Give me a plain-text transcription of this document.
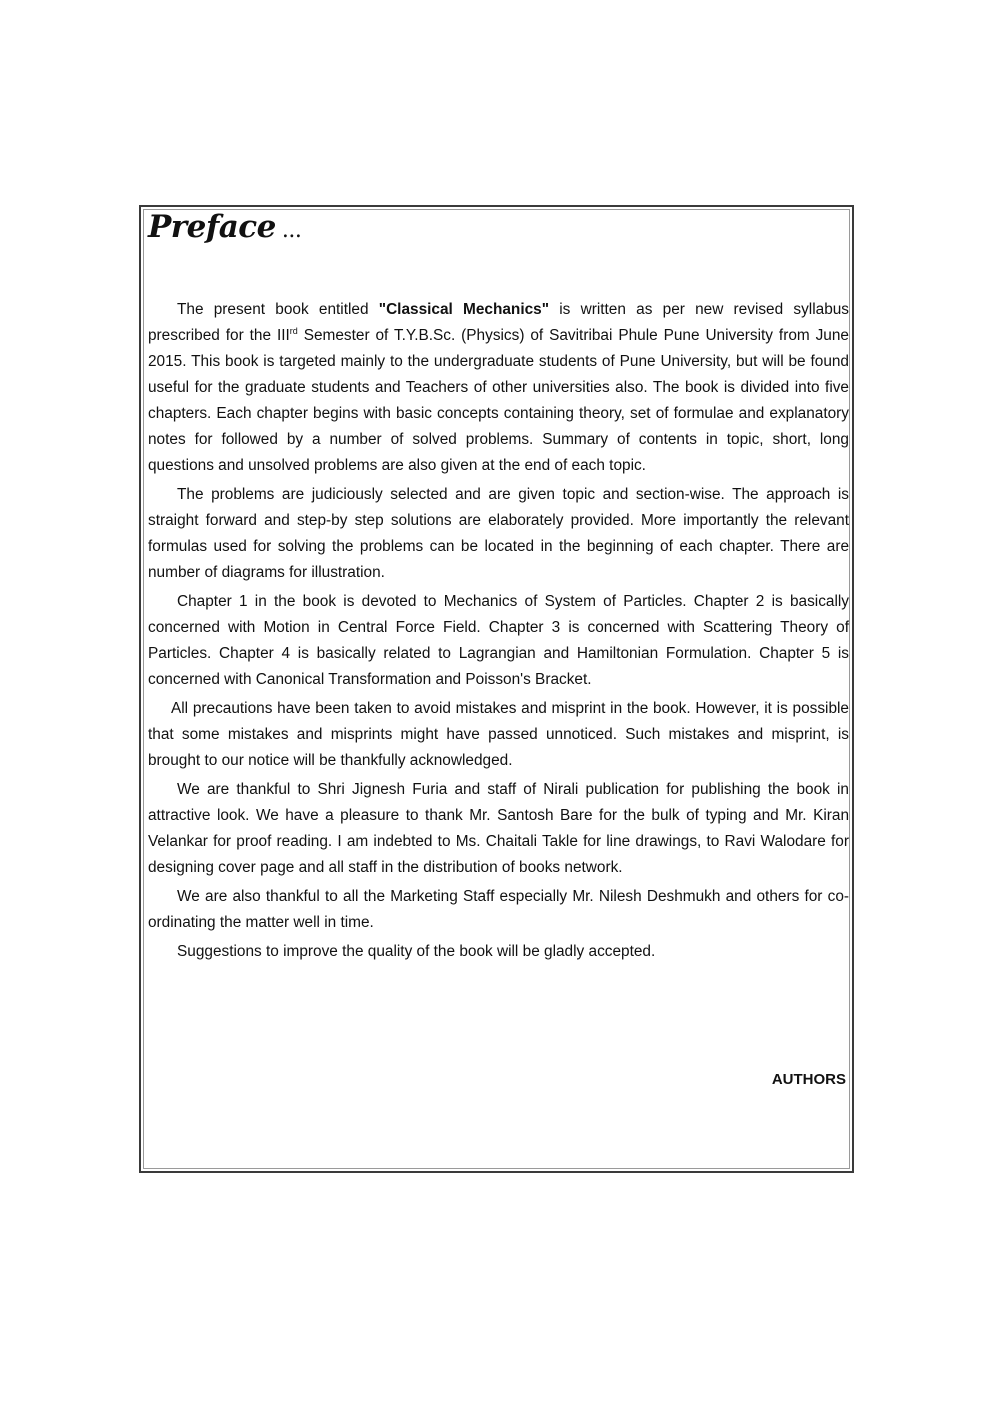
Preface ...

The present book entitled "Classical Mechanics" is written as per new revised syllabus prescribed for the IIIrd Semester of T.Y.B.Sc. (Physics) of Savitribai Phule Pune University from June 2015. This book is targeted mainly to the undergraduate students of Pune University, but will be found useful for the graduate students and Teachers of other universities also. The book is divided into five chapters. Each chapter begins with basic concepts containing theory, set of formulae and explanatory notes for followed by a number of solved problems. Summary of contents in topic, short, long questions and unsolved problems are also given at the end of each topic.

The problems are judiciously selected and are given topic and section-wise. The approach is straight forward and step-by step solutions are elaborately provided. More importantly the relevant formulas used for solving the problems can be located in the beginning of each chapter. There are number of diagrams for illustration.

Chapter 1 in the book is devoted to Mechanics of System of Particles. Chapter 2 is basically concerned with Motion in Central Force Field. Chapter 3 is concerned with Scattering Theory of Particles. Chapter 4 is basically related to Lagrangian and Hamiltonian Formulation. Chapter 5 is concerned with Canonical Transformation and Poisson's Bracket.

All precautions have been taken to avoid mistakes and misprint in the book. However, it is possible that some mistakes and misprints might have passed unnoticed. Such mistakes and misprint, is brought to our notice will be thankfully acknowledged.

We are thankful to Shri Jignesh Furia and staff of Nirali publication for publishing the book in attractive look. We have a pleasure to thank Mr. Santosh Bare for the bulk of typing and Mr. Kiran Velankar for proof reading. I am indebted to Ms. Chaitali Takle for line drawings, to Ravi Walodare for designing cover page and all staff in the distribution of books network.

We are also thankful to all the Marketing Staff especially Mr. Nilesh Deshmukh and others for co-ordinating the matter well in time.

Suggestions to improve the quality of the book will be gladly accepted.

AUTHORS
